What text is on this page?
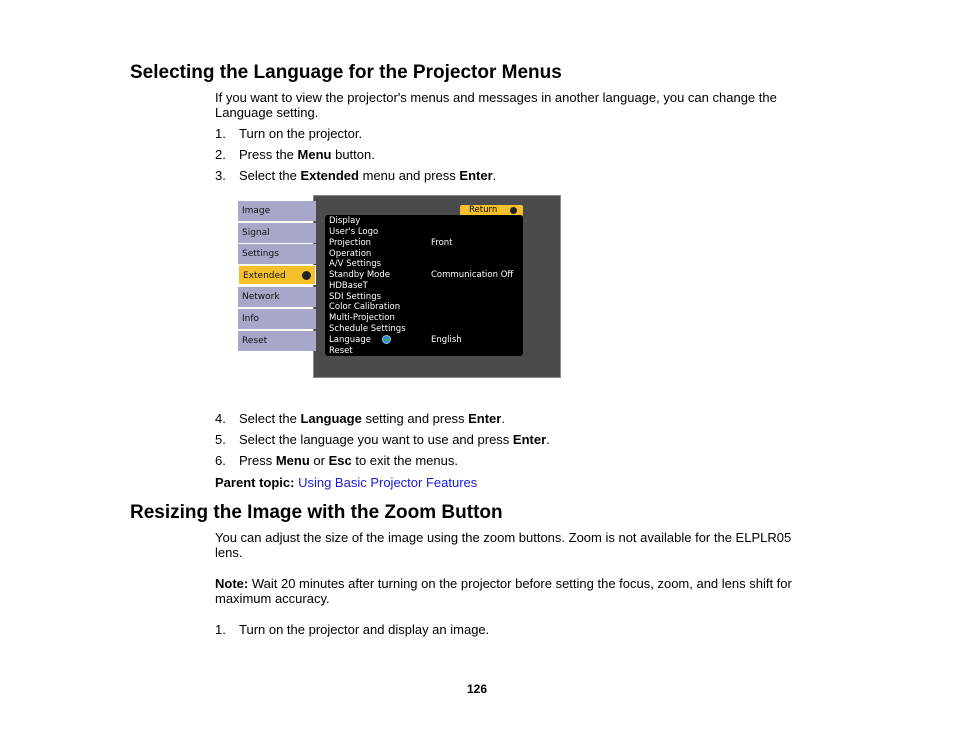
Selecting the Language for the Projector Menus
If you want to view the projector's menus and messages in another language, you can change the
Language setting.
1. Turn on the projector.
2. Press the Menu button.
3. Select the Extended menu and press Enter.
Image
Signal
Settings
Extended
Network
Info
Reset
Return
Display
User's Logo
Projection	Front
Operation
A/V Settings
Standby Mode	Communication Off
HDBaseT
SDI Settings
Color Calibration
Multi-Projection
Schedule Settings
Language	English
Reset
4. Select the Language setting and press Enter.
5. Select the language you want to use and press Enter.
6. Press Menu or Esc to exit the menus.
Parent topic: Using Basic Projector Features
Resizing the Image with the Zoom Button
You can adjust the size of the image using the zoom buttons. Zoom is not available for the ELPLR05
lens.
Note: Wait 20 minutes after turning on the projector before setting the focus, zoom, and lens shift for
maximum accuracy.
1. Turn on the projector and display an image.
126
